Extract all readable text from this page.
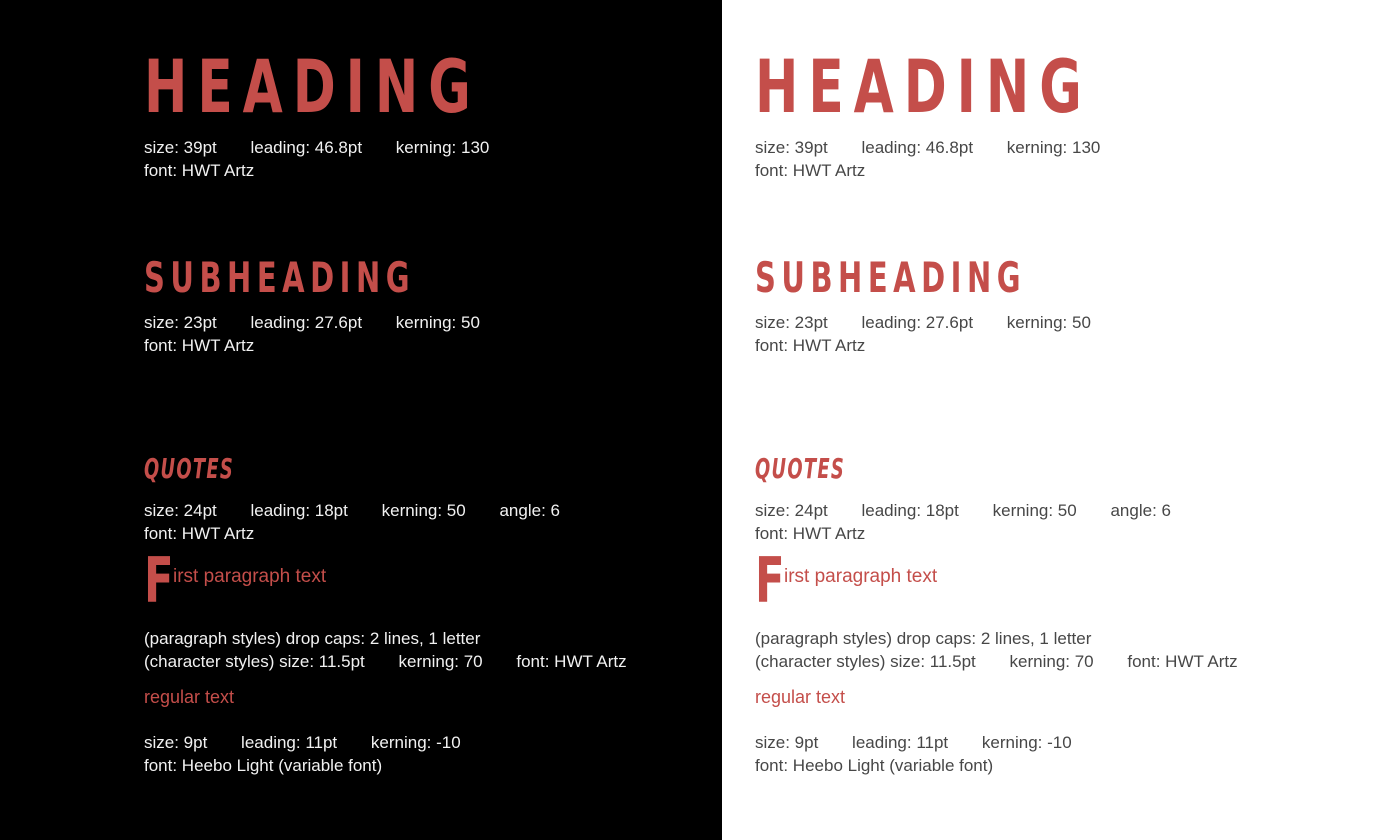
HEADING
size: 39pt leading: 46.8pt kerning: 130
font: HWT Artz
SUBHEADING
size: 23pt leading: 27.6pt kerning: 50
font: HWT Artz
QUOTES
size: 24pt leading: 18pt kerning: 50 angle: 6
font: HWT Artz
F irst paragraph text
(paragraph styles) drop caps: 2 lines, 1 letter
(character styles) size: 11.5pt kerning: 70 font: HWT Artz
regular text
size: 9pt leading: 11pt kerning: -10
font: Heebo Light (variable font)
HEADING
size: 39pt leading: 46.8pt kerning: 130
font: HWT Artz
SUBHEADING
size: 23pt leading: 27.6pt kerning: 50
font: HWT Artz
QUOTES
size: 24pt leading: 18pt kerning: 50 angle: 6
font: HWT Artz
F irst paragraph text
(paragraph styles) drop caps: 2 lines, 1 letter
(character styles) size: 11.5pt kerning: 70 font: HWT Artz
regular text
size: 9pt leading: 11pt kerning: -10
font: Heebo Light (variable font)
